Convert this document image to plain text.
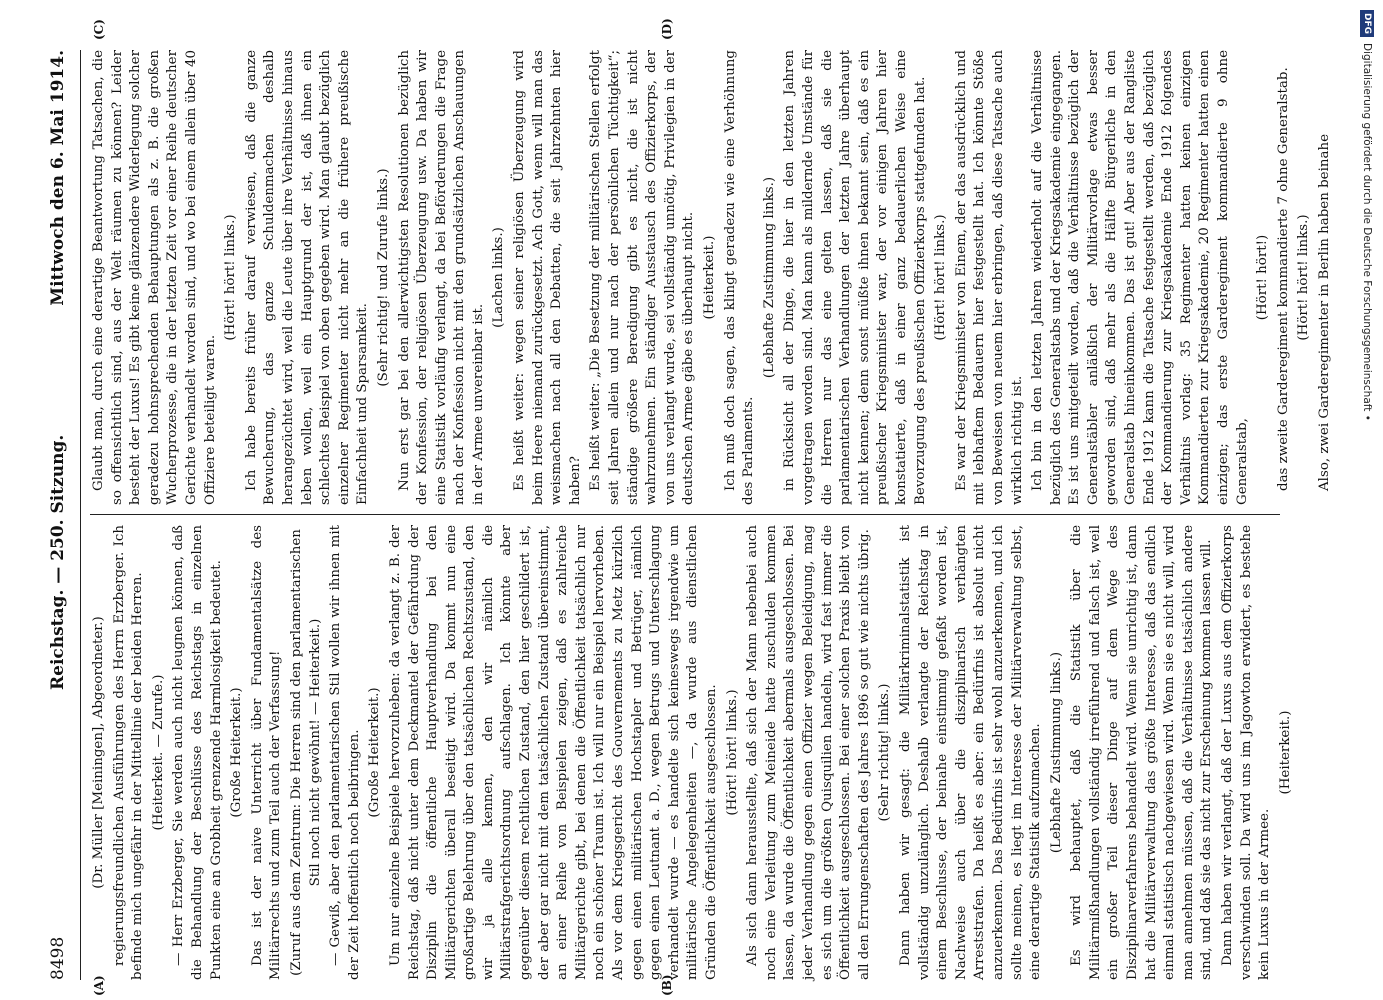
8498
Reichstag. — 250. Sitzung.
Mittwoch den 6. Mai 1914.
(A)	(B)
(C)	(D)

(Dr. Müller [Meiningen], Abgeordneter.) regierungsfreundlichen Ausführungen des Herrn Erzberger. Ich befinde mich ungefähr in der Mittellinie der beiden Herren. (Heiterkeit. — Zurufe.) — Herr Erzberger, Sie werden auch nicht leugnen können, daß die Behandlung der Beschlüsse des Reichstags in einzelnen Punkten eine an Grobheit grenzende Harmlosigkeit bedeutet. (Große Heiterkeit.) Das ist der naive Unterricht über Fundamentalsätze des Militärrechts und zum Teil auch der Verfassung! (Zuruf aus dem Zentrum: Die Herren sind den parlamentarischen Stil noch nicht gewöhnt! — Heiterkeit.) — Gewiß, aber den parlamentarischen Stil wollen wir ihnen mit der Zeit hoffentlich noch beibringen. (Große Heiterkeit.) Um nur einzelne Beispiele hervorzuheben: da verlangt z. B. der Reichstag, daß nicht unter dem Deckmantel der Gefährdung der Disziplin die öffentliche Hauptverhandlung bei den Militärgerichten überall beseitigt wird. Da kommt nun eine großartige Belehrung über den tatsächlichen Rechtszustand, den wir ja alle kennen, den wir nämlich die Militärstrafgerichtsordnung aufschlagen. Ich könnte aber gegenüber diesem rechtlichen Zustand, den hier geschildert ist, der aber gar nicht mit dem tatsächlichen Zustand übereinstimmt, an einer Reihe von Beispielen zeigen, daß es zahlreiche Militärgerichte gibt, bei denen die Öffentlichkeit tatsächlich nur noch ein schöner Traum ist. Ich will nur ein Beispiel hervorheben. Als vor dem Kriegsgericht des Gouvernements zu Metz kürzlich gegen einen militärischen Hochstapler und Betrüger, nämlich gegen einen Leutnant a. D., wegen Betrugs und Unterschlagung verhandelt wurde — es handelte sich keineswegs irgendwie um militärische Angelegenheiten —, da wurde aus dienstlichen Gründen die Öffentlichkeit ausgeschlossen. (Hört! hört! links.) Als sich dann herausstellte, daß sich der Mann nebenbei auch noch eine Verleitung zum Meineide hatte zuschulden kommen lassen, da wurde die Öffentlichkeit abermals ausgeschlossen. Bei jeder Verhandlung gegen einen Offizier wegen Beleidigung, mag es sich um die größten Quisquilien handeln, wird fast immer die Öffentlichkeit ausgeschlossen. Bei einer solchen Praxis bleibt von all den Errungenschaften des Jahres 1896 so gut wie nichts übrig. (Sehr richtig! links.) Dann haben wir gesagt: die Militärkriminalstatistik ist vollständig unzulänglich. Deshalb verlangte der Reichstag in einem Beschlusse, der beinahe einstimmig gefaßt worden ist, Nachweise auch über die disziplinarisch verhängten Arreststrafen. Da heißt es aber: ein Bedürfnis ist absolut nicht anzuerkennen. Das Bedürfnis ist sehr wohl anzuerkennen, und ich sollte meinen, es liegt im Interesse der Militärverwaltung selbst, eine derartige Statistik aufzumachen. (Lebhafte Zustimmung links.) Es wird behauptet, daß die Statistik über die Militärmißhandlungen vollständig irreführend und falsch ist, weil ein großer Teil dieser Dinge auf dem Wege des Disziplinarverfahrens behandelt wird. Wenn sie unrichtig ist, dann hat die Militärverwaltung das größte Interesse, daß das endlich einmal statistisch nachgewiesen wird. Wenn sie es nicht will, wird man annehmen müssen, daß die Verhältnisse tatsächlich andere sind, und daß sie das nicht zur Erscheinung kommen lassen will. Dann haben wir verlangt, daß der Luxus aus dem Offizierkorps verschwinden soll. Da wird uns im Jagowton erwidert, es bestehe kein Luxus in der Armee.

(Heiterkeit.)

Glaubt man, durch eine derartige Beantwortung Tatsachen, die so offensichtlich sind, aus der Welt räumen zu können? Leider besteht der Luxus! Es gibt keine glänzendere Widerlegung solcher geradezu hohnsprechenden Behauptungen als z. B. die großen Wucherprozesse, die in der letzten Zeit vor einer Reihe deutscher Gerichte verhandelt worden sind, und wo bei einem allein über 40 Offiziere beteiligt waren.

(Hört! hört! links.) Ich habe bereits früher darauf verwiesen, daß die ganze Bewucherung, das ganze Schuldenmachen deshalb herangezüchtet wird, weil die Leute über ihre Verhältnisse hinaus leben wollen, weil ein Hauptgrund der ist, daß ihnen ein schlechtes Beispiel von oben gegeben wird. Man glaubt bezüglich einzelner Regimenter nicht mehr an die frühere preußische Einfachheit und Sparsamkeit.

(Sehr richtig! und Zurufe links.) Nun erst gar bei den allerwichtigsten Resolutionen bezüglich der Konfession, der religiösen Überzeugung usw. Da haben wir eine Statistik vorläufig verlangt, da bei Beförderungen die Frage nach der Konfession nicht mit den grundsätzlichen Anschauungen in der Armee unvereinbar ist.

(Lachen links.) Es heißt weiter: wegen seiner religiösen Überzeugung wird beim Heere niemand zurückgesetzt. Ach Gott, wenn will man das weismachen nach all den Debatten, die seit Jahrzehnten hier haben? Es heißt weiter: „Die Besetzung der militärischen Stellen erfolgt seit Jahren allein und nur nach der persönlichen Tüchtigkeit“; ständige größere Beredigung gibt es nicht, die ist nicht wahrzunehmen. Ein ständiger Ausstausch des Offizierkorps, der von uns verlangt wurde, sei vollständig unnötig, Privilegien in der deutschen Armee gäbe es überhaupt nicht. (Heiterkeit.) Ich muß doch sagen, das klingt geradezu wie eine Verhöhnung des Parlaments.

(Lebhafte Zustimmung links.) in Rücksicht all der Dinge, die hier in den letzten Jahren vorgetragen worden sind. Man kann als mildernde Umstände für die Herren nur das eine gelten lassen, daß sie die parlamentarischen Verhandlungen der letzten Jahre überhaupt nicht kennen; denn sonst müßte ihnen bekannt sein, daß es ein preußischer Kriegsminister war, der vor einigen Jahren hier konstatierte, daß in einer ganz bedauerlichen Weise eine Bevorzugung des preußischen Offizierkorps stattgefunden hat. (Hört! hört! links.) Es war der Kriegsminister von Einem, der das ausdrücklich und mit lebhaftem Bedauern hier festgestellt hat. Ich könnte Stöße von Beweisen von neuem hier erbringen, daß diese Tatsache auch wirklich richtig ist. Ich bin in den letzten Jahren wiederholt auf die Verhältnisse bezüglich des Generalstabs und der Kriegsakademie eingegangen. Es ist uns mitgeteilt worden, daß die Verhältnisse bezüglich der Generalstäbler anläßlich der Militärvorlage etwas besser geworden sind, daß mehr als die Hälfte Bürgerliche in den Generalstab hineinkommen. Das ist gut! Aber aus der Rangliste Ende 1912 kann die Tatsache festgestellt werden, daß bezüglich der Kommandierung zur Kriegsakademie Ende 1912 folgendes Verhältnis vorlag: 35 Regimenter hatten keinen einzigen Kommandierten zur Kriegsakademie, 20 Regimenter hatten einen einzigen; das erste Garderegiment kommandierte 9 ohne Generalstab,

(Hört! hört!) das zweite Garderegiment kommandierte 7 ohne Generalstab. (Hört! hört! links.) Also, zwei Garderegimenter in Berlin haben beinahe

DFGDigitalisierung gefördert durch die Deutsche Forschungsgemeinschaft •
